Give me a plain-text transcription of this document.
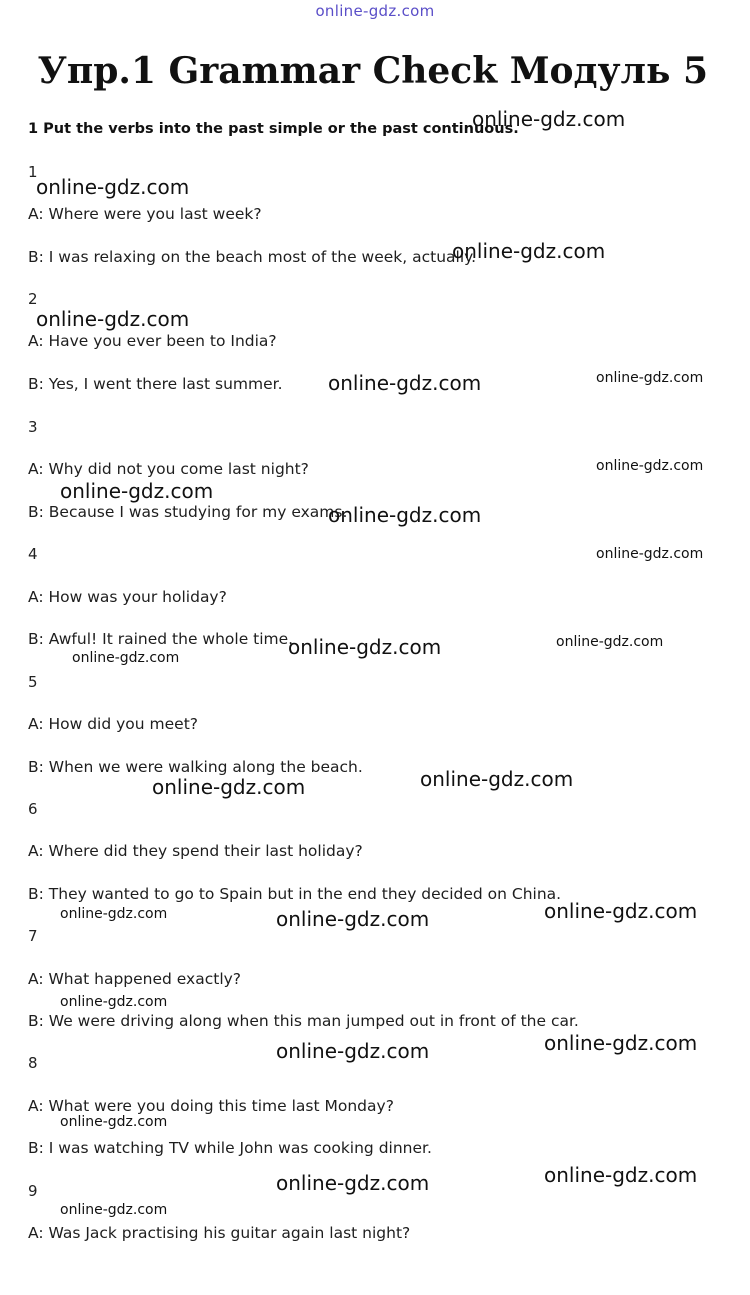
online-gdz.com
Упр.1 Grammar Check Модуль 5
1 Put the verbs into the past simple or the past continuous.
1
A: Where were you last week?
B: I was relaxing on the beach most of the week, actually.
2
A: Have you ever been to India?
B: Yes, I went there last summer.
3
A: Why did not you come last night?
B: Because I was studying for my exams.
4
A: How was your holiday?
B: Awful! It rained the whole time.
5
A: How did you meet?
B: When we were walking along the beach.
6
A: Where did they spend their last holiday?
B: They wanted to go to Spain but in the end they decided on China.
7
A: What happened exactly?
B: We were driving along when this man jumped out in front of the car.
8
A: What were you doing this time last Monday?
B: I was watching TV while John was cooking dinner.
9
A: Was Jack practising his guitar again last night?
online-gdz.com
online-gdz.com
online-gdz.com
online-gdz.com
online-gdz.com
online-gdz.com
online-gdz.com
online-gdz.com
online-gdz.com
online-gdz.com
online-gdz.com
online-gdz.com
online-gdz.com
online-gdz.com
online-gdz.com
online-gdz.com
online-gdz.com
online-gdz.com
online-gdz.com
online-gdz.com
online-gdz.com
online-gdz.com
online-gdz.com
online-gdz.com
online-gdz.com
